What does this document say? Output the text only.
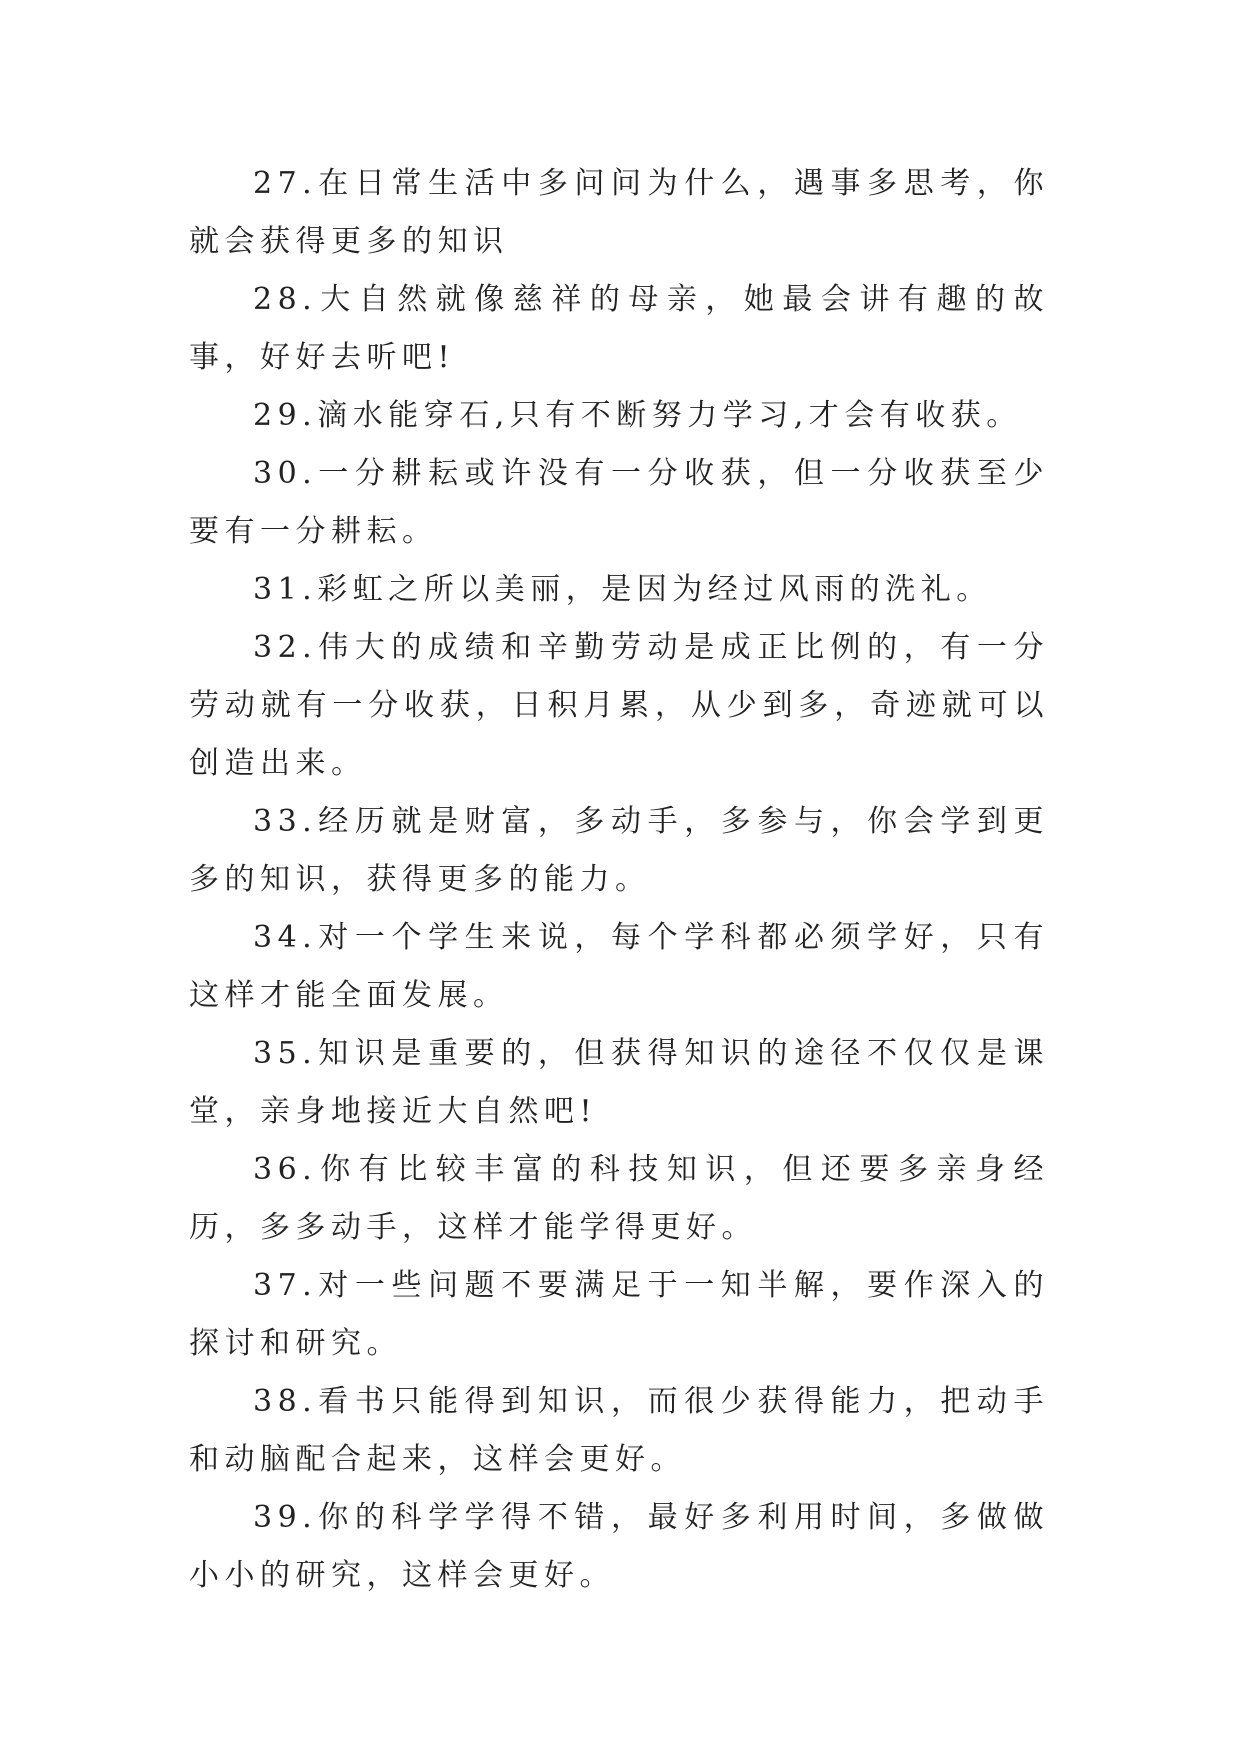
27.在日常生活中多问问为什么，遇事多思考，你就会获得更多的知识

28.大自然就像慈祥的母亲，她最会讲有趣的故事，好好去听吧!

29.滴水能穿石,只有不断努力学习,才会有收获。

30.一分耕耘或许没有一分收获，但一分收获至少要有一分耕耘。

31.彩虹之所以美丽，是因为经过风雨的洗礼。

32.伟大的成绩和辛勤劳动是成正比例的，有一分劳动就有一分收获，日积月累，从少到多，奇迹就可以创造出来。

33.经历就是财富，多动手，多参与，你会学到更多的知识，获得更多的能力。

34.对一个学生来说，每个学科都必须学好，只有这样才能全面发展。

35.知识是重要的，但获得知识的途径不仅仅是课堂，亲身地接近大自然吧!

36.你有比较丰富的科技知识，但还要多亲身经历，多多动手，这样才能学得更好。

37.对一些问题不要满足于一知半解，要作深入的探讨和研究。

38.看书只能得到知识，而很少获得能力，把动手和动脑配合起来，这样会更好。

39.你的科学学得不错，最好多利用时间，多做做小小的研究，这样会更好。
